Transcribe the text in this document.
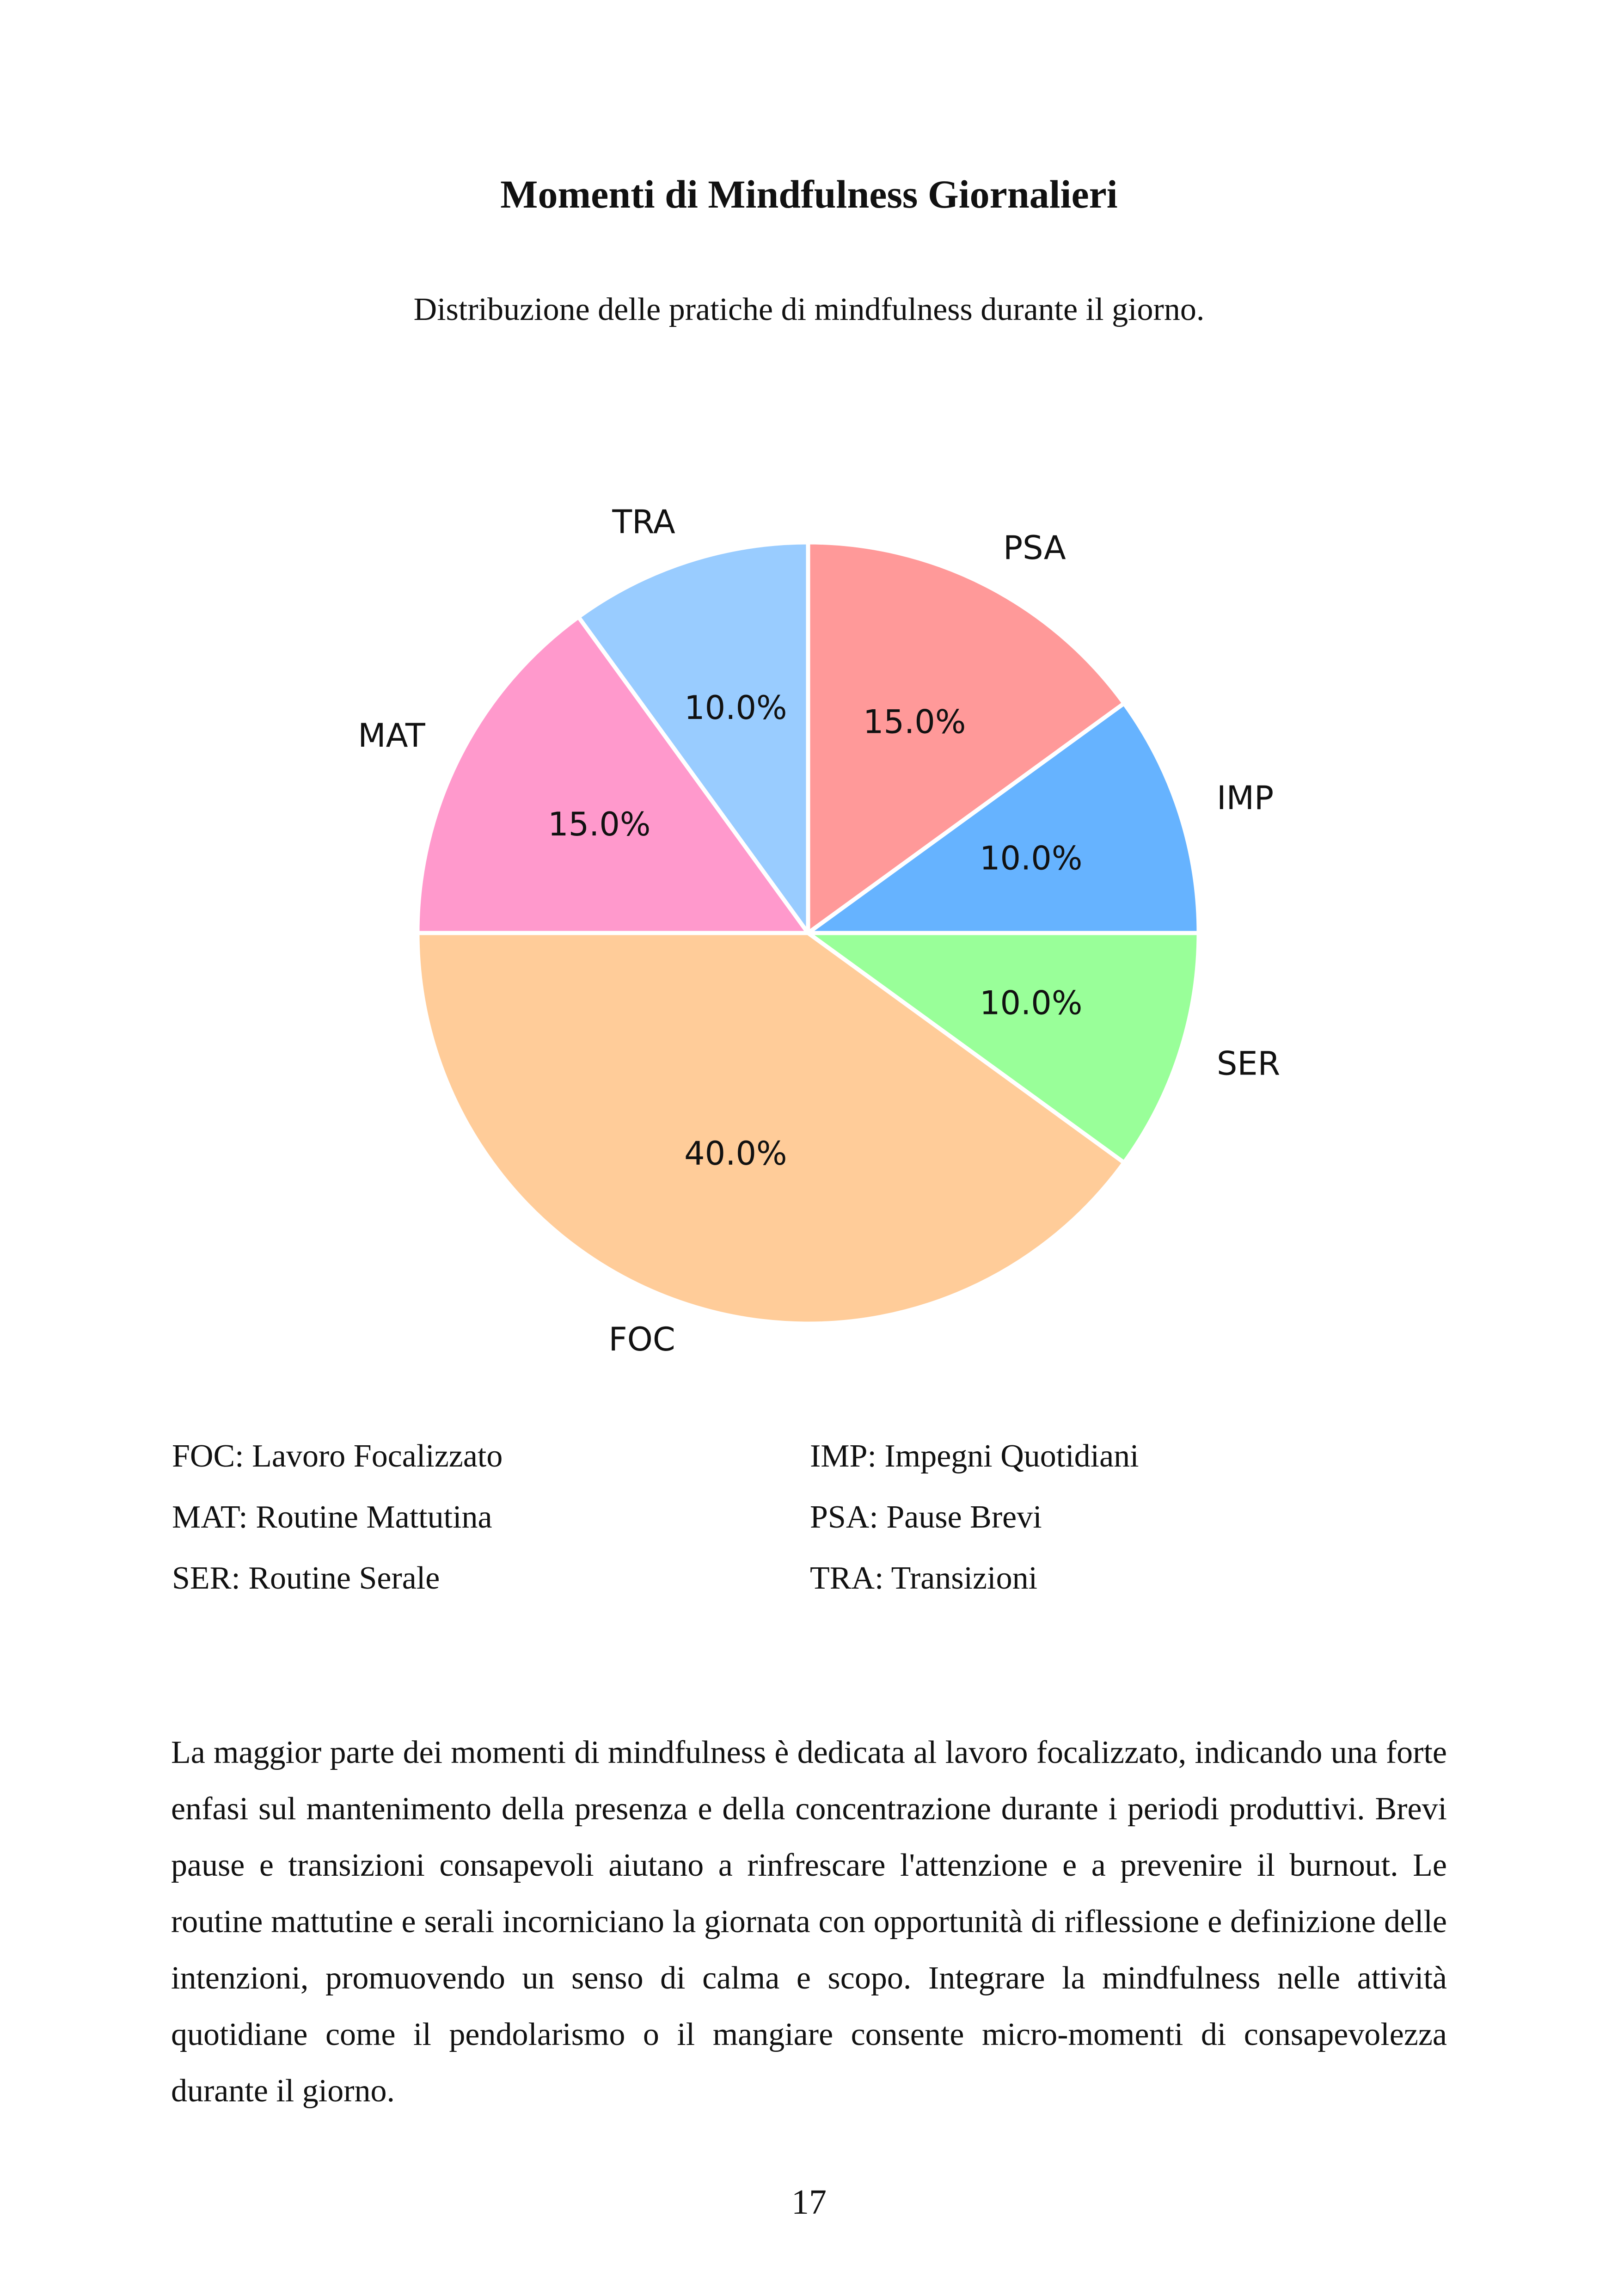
Momenti di Mindfulness Giornalieri

Distribuzione delle pratiche di mindfulness durante il giorno.

15.0%
PSA
10.0%
IMP
10.0%
SER
40.0%
FOC
15.0%
MAT
10.0%
TRA
FOC: Lavoro Focalizzato	IMP: Impegni Quotidiani
MAT: Routine Mattutina	PSA: Pause Brevi
SER: Routine Serale	TRA: Transizioni

La maggior parte dei momenti di mindfulness è dedicata al lavoro focalizzato, indicando una forte enfasi sul mantenimento della presenza e della concentrazione durante i periodi produttivi. Brevi pause e transizioni consapevoli aiutano a rinfrescare l'attenzione e a prevenire il burnout. Le routine mattutine e serali incorniciano la giornata con opportunità di riflessione e definizione delle intenzioni, promuovendo un senso di calma e scopo. Integrare la mindfulness nelle attività quotidiane come il pendolarismo o il mangiare consente micro-momenti di consapevolezza durante il giorno.

17
